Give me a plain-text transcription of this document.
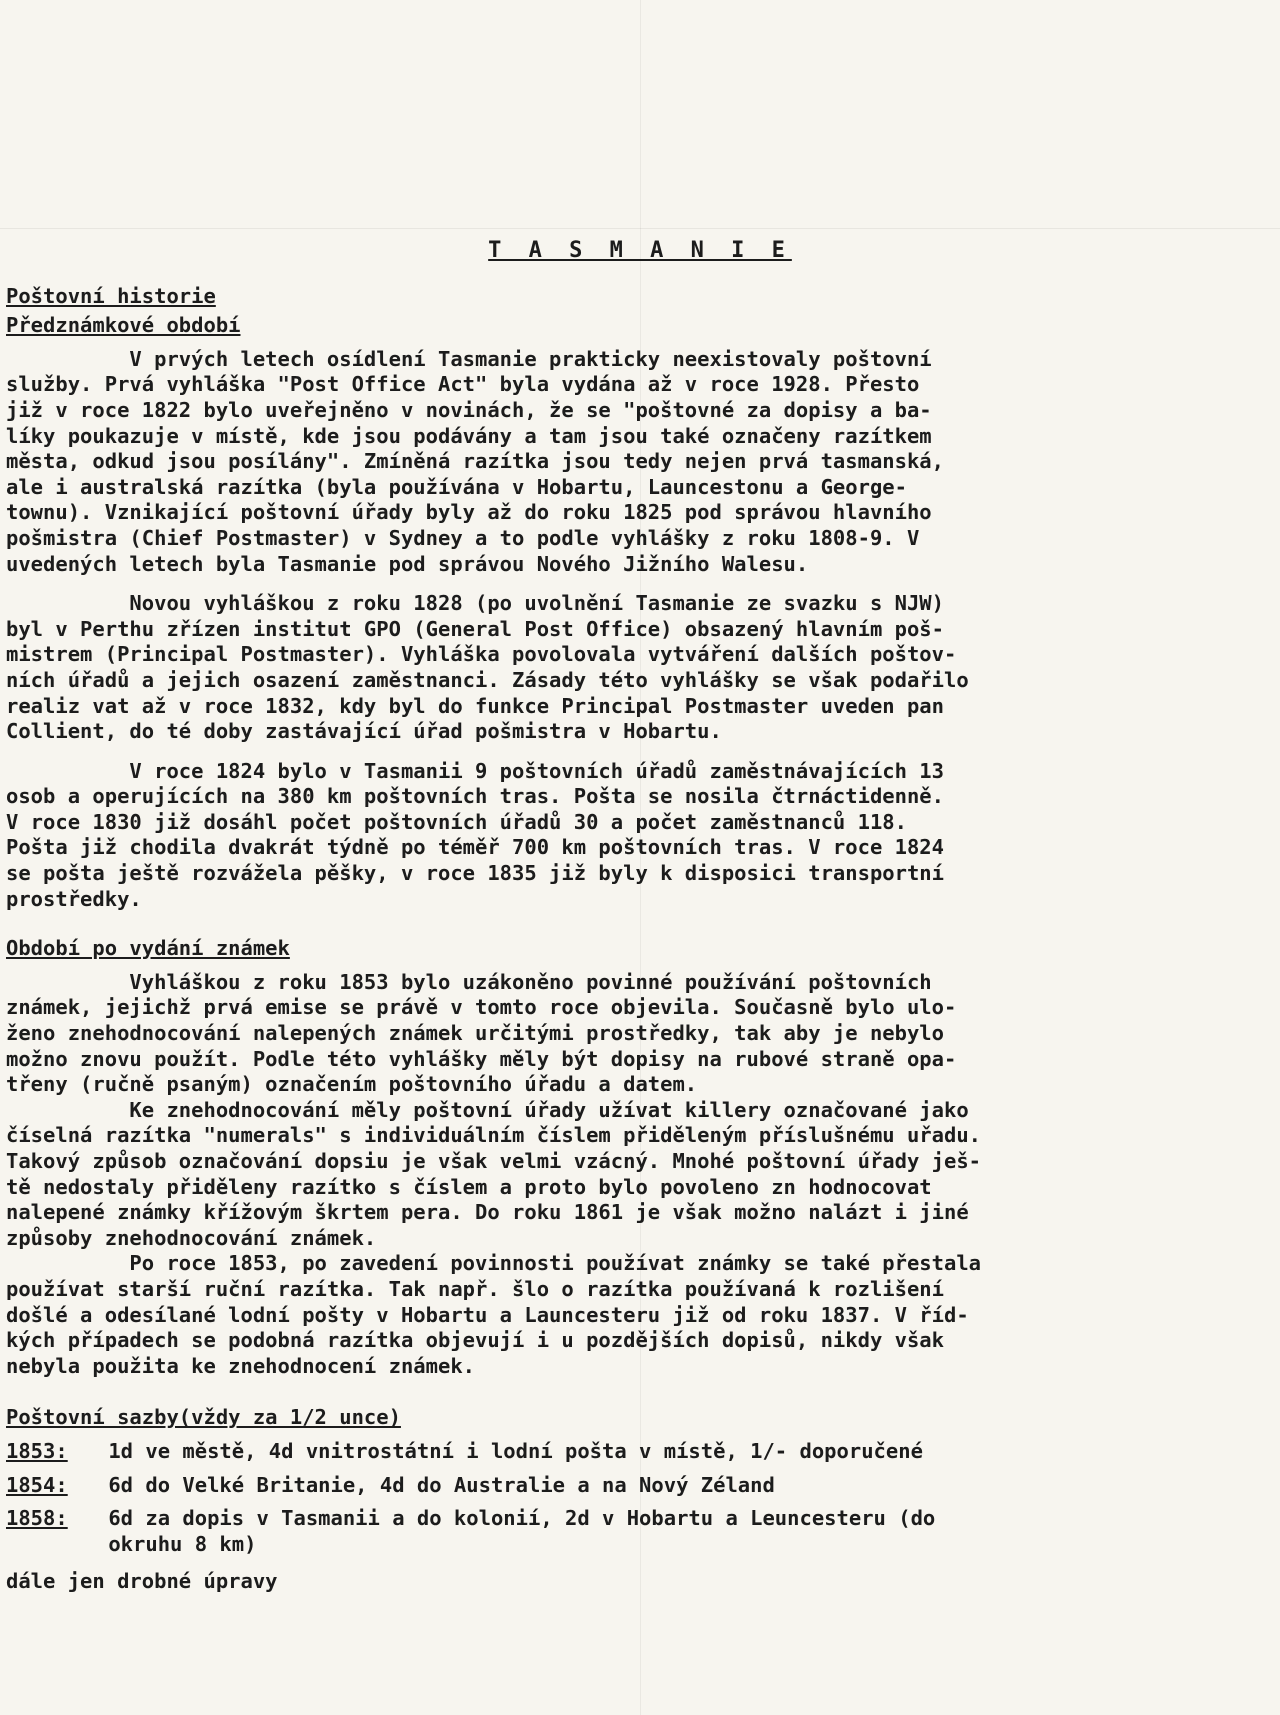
T A S M A N I E
Poštovní historie
Předznámkové období
V prvých letech osídlení Tasmanie prakticky neexistovaly poštovní
služby. Prvá vyhláška "Post Office Act" byla vydána až v roce 1928. Přesto
již v roce 1822 bylo uveřejněno v novinách, že se "poštovné za dopisy a ba-
líky poukazuje v místě, kde jsou podávány a tam jsou také označeny razítkem
města, odkud jsou posílány". Zmíněná razítka jsou tedy nejen prvá tasmanská,
ale i australská razítka (byla používána v Hobartu, Launcestonu a George-
townu). Vznikající poštovní úřady byly až do roku 1825 pod správou hlavního
pošmistra (Chief Postmaster) v Sydney a to podle vyhlášky z roku 1808-9. V
uvedených letech byla Tasmanie pod správou Nového Jižního Walesu.
Novou vyhláškou z roku 1828 (po uvolnění Tasmanie ze svazku s NJW)
byl v Perthu zřízen institut GPO (General Post Office) obsazený hlavním poš-
mistrem (Principal Postmaster). Vyhláška povolovala vytváření dalších poštov-
ních úřadů a jejich osazení zaměstnanci. Zásady této vyhlášky se však podařilo
realiz vat až v roce 1832, kdy byl do funkce Principal Postmaster uveden pan
Collient, do té doby zastávající úřad pošmistra v Hobartu.
V roce 1824 bylo v Tasmanii 9 poštovních úřadů zaměstnávajících 13
osob a operujících na 380 km poštovních tras. Pošta se nosila čtrnáctidenně.
V roce 1830 již dosáhl počet poštovních úřadů 30 a počet zaměstnanců 118.
Pošta již chodila dvakrát týdně po téměř 700 km poštovních tras. V roce 1824
se pošta ještě rozvážela pěšky, v roce 1835 již byly k disposici transportní
prostředky.
Období po vydání známek
Vyhláškou z roku 1853 bylo uzákoněno povinné používání poštovních
známek, jejichž prvá emise se právě v tomto roce objevila. Současně bylo ulo-
ženo znehodnocování nalepených známek určitými prostředky, tak aby je nebylo
možno znovu použít. Podle této vyhlášky měly být dopisy na rubové straně opa-
třeny (ručně psaným) označením poštovního úřadu a datem.
Ke znehodnocování měly poštovní úřady užívat killery označované jako
číselná razítka "numerals" s individuálním číslem přiděleným příslušnému uřadu.
Takový způsob označování dopsiu je však velmi vzácný. Mnohé poštovní úřady ješ-
tě nedostaly přiděleny razítko s číslem a proto bylo povoleno zn hodnocovat
nalepené známky křížovým škrtem pera. Do roku 1861 je však možno nalázt i jiné
způsoby znehodnocování známek.
Po roce 1853, po zavedení povinnosti používat známky se také přestala
používat starší ruční razítka. Tak např. šlo o razítka používaná k rozlišení
došlé a odesílané lodní pošty v Hobartu a Launcesteru již od roku 1837. V říd-
kých případech se podobná razítka objevují i u pozdějších dopisů, nikdy však
nebyla použita ke znehodnocení známek.
Poštovní sazby(vždy za 1/2 unce)
1853:	1d ve městě, 4d vnitrostátní i lodní pošta v místě, 1/- doporučené
1854:	6d do Velké Britanie, 4d do Australie a na Nový Zéland
1858:	6d za dopis v Tasmanii a do kolonií, 2d v Hobartu a Leuncesteru (do
okruhu 8 km)
dále jen drobné úpravy
